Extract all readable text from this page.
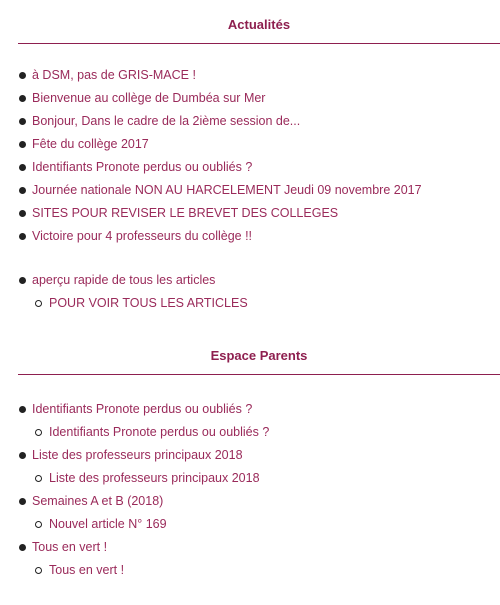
Actualités
à DSM, pas de GRIS-MACE !
Bienvenue au collège de Dumbéa sur Mer
Bonjour, Dans le cadre de la 2ième session de...
Fête du collège 2017
Identifiants Pronote perdus ou oubliés ?
Journée nationale NON AU HARCELEMENT Jeudi 09 novembre 2017
SITES POUR REVISER LE BREVET DES COLLEGES
Victoire pour 4 professeurs du collège !!
aperçu rapide de tous les articles
POUR VOIR TOUS LES ARTICLES
Espace Parents
Identifiants Pronote perdus ou oubliés ?
Identifiants Pronote perdus ou oubliés ?
Liste des professeurs principaux 2018
Liste des professeurs principaux 2018
Semaines A et B (2018)
Nouvel article N° 169
Tous en vert !
Tous en vert !
